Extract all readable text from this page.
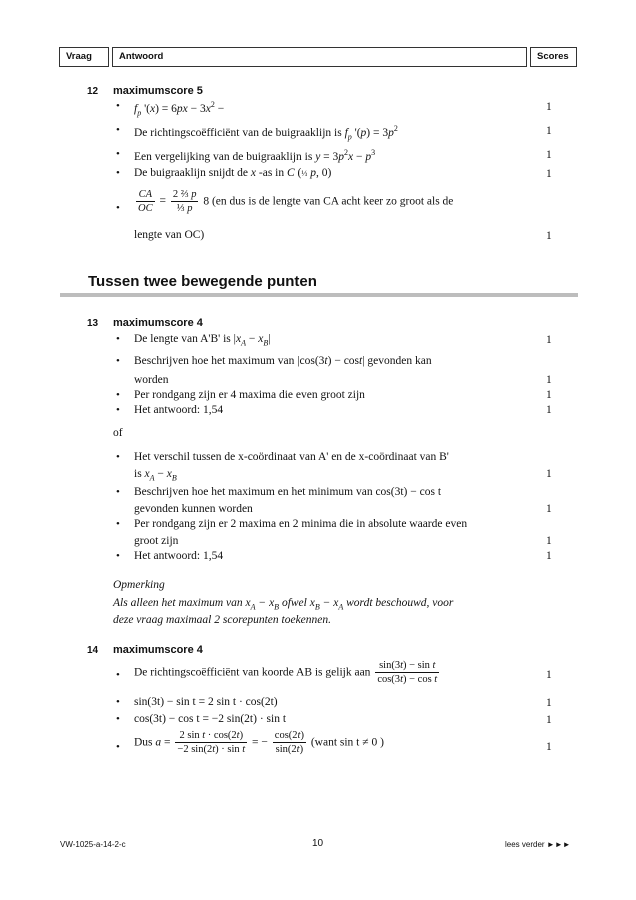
Vraag	Antwoord	Scores
12 maximumscore 5
• $f_p$ '$(x) = 6px - 3x^2$ −	1
• De richtingscoëfficiënt van de buigraaklijn is $f_p$ '$(p) = 3p^2$	1
• Een vergelijking van de buigraaklijn is $y = 3p^2x - p^3$	1
• De buigraaklijn snijdt de x -as in C (⅓ p, 0)	1
• $\frac{CA}{OC} = \frac{\text{2 ⅔ p}}{\text{⅓ p}} 8$ (en dus is de lengte van CA acht keer zo groot als de
lengte van OC)	1
Tussen twee bewegende punten
13 maximumscore 4
• De lengte van A'B' is $|x_A - x_B|$	1
• Beschrijven hoe het maximum van |cos(3t) − cost| gevonden kan
worden	1
• Per rondgang zijn er 4 maxima die even groot zijn	1
• Het antwoord: 1,54	1
of
• Het verschil tussen de x-coördinaat van A' en de x-coördinaat van B'
is $x_A - x_B$	1
• Beschrijven hoe het maximum en het minimum van cos(3t) − cos t
gevonden kunnen worden	1
• Per rondgang zijn er 2 maxima en 2 minima die in absolute waarde even
groot zijn	1
• Het antwoord: 1,54	1
Opmerking
Als alleen het maximum van $x_A - x_B$ ofwel $x_B - x_A$ wordt beschouwd, voor
deze vraag maximaal 2 scorepunten toekennen.
14 maximumscore 4
• De richtingscoëfficiënt van koorde AB is gelijk aan $\frac{\text{sin(3t) − sin t}}{\text{cos(3t) − cos t}}$	1
• sin(3t) − sin t = 2 sin t · cos(2t)	1
• cos(3t) − cos t = −2 sin(2t) · sin t	1
• Dus $a = \frac{\text{2 sin t · cos(2t)}}{\text{−2 sin(2t) · sin t}}$ = − $\frac{\cos(2t)}{\sin(2t)}$ (want sin t ≠ 0 )	1
VW-1025-a-14-2-c	10	lees verder ►►►
